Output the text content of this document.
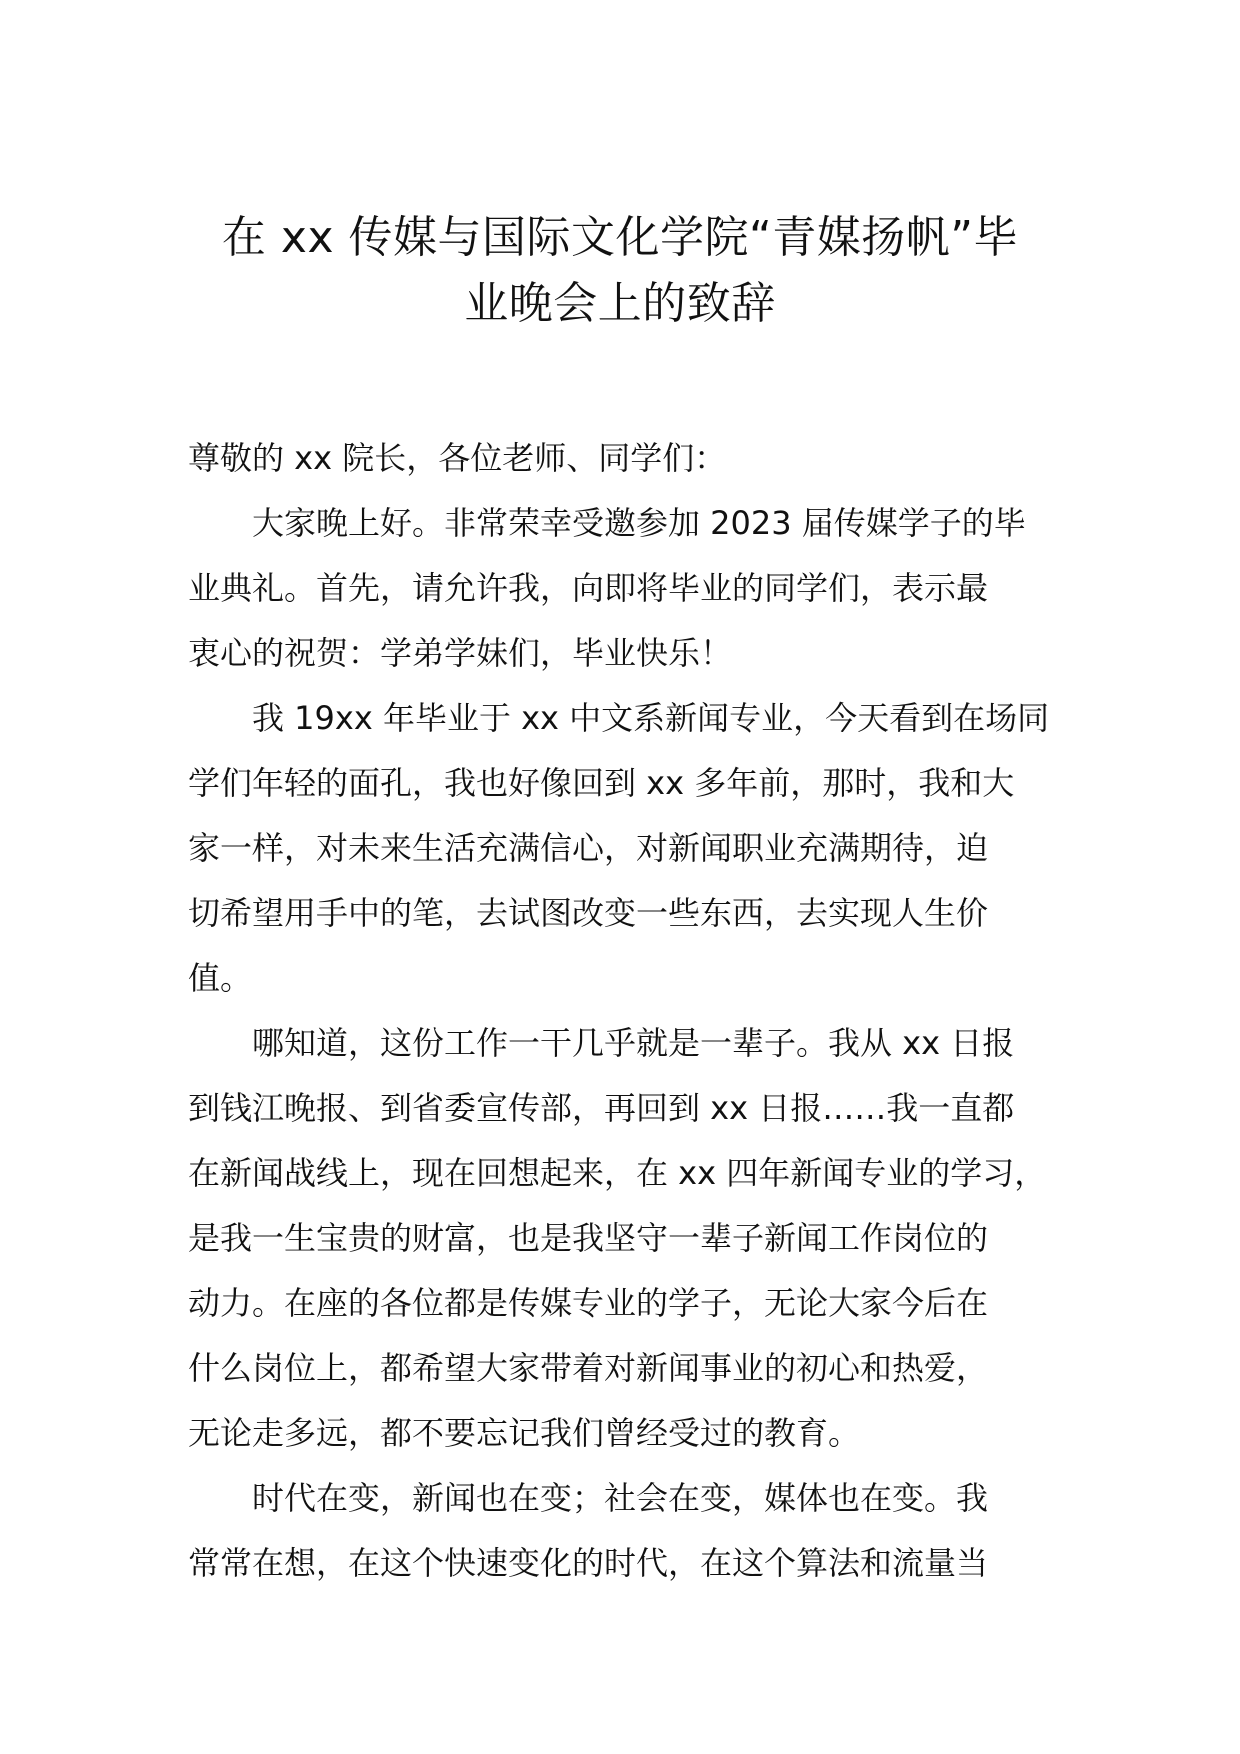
在 xx 传媒与国际文化学院“青媒扬帆”毕
业晚会上的致辞
尊敬的 xx 院长，各位老师、同学们：
　　大家晚上好。非常荣幸受邀参加 2023 届传媒学子的毕
业典礼。首先，请允许我，向即将毕业的同学们，表示最
衷心的祝贺：学弟学妹们，毕业快乐！
　　我 19xx 年毕业于 xx 中文系新闻专业，今天看到在场同
学们年轻的面孔，我也好像回到 xx 多年前，那时，我和大
家一样，对未来生活充满信心，对新闻职业充满期待，迫
切希望用手中的笔，去试图改变一些东西，去实现人生价
值。
　　哪知道，这份工作一干几乎就是一辈子。我从 xx 日报
到钱江晚报、到省委宣传部，再回到 xx 日报……我一直都
在新闻战线上，现在回想起来，在 xx 四年新闻专业的学习，
是我一生宝贵的财富，也是我坚守一辈子新闻工作岗位的
动力。在座的各位都是传媒专业的学子，无论大家今后在
什么岗位上，都希望大家带着对新闻事业的初心和热爱，
无论走多远，都不要忘记我们曾经受过的教育。
　　时代在变，新闻也在变；社会在变，媒体也在变。我
常常在想，在这个快速变化的时代，在这个算法和流量当
